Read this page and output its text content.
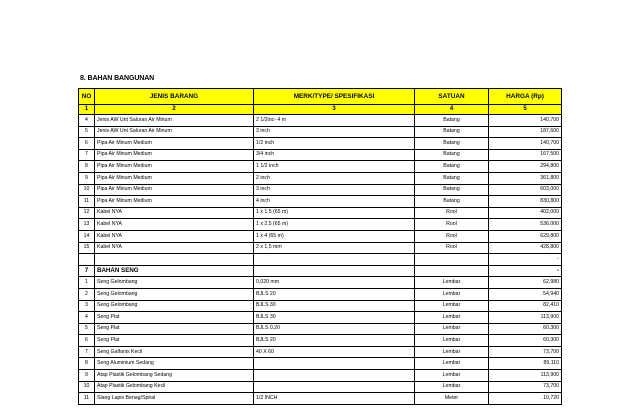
8. BAHAN BANGUNAN
NO	JENIS BARANG	MERK/TYPE/ SPESIFIKASI	SATUAN	HARGA (Rp)
1	2	3	4	5
4	Jenis AW Unt Saluran Air Minum	2 1/2inc- 4 m	Batang	140,700
5	Jenis AW Unt Saluran Air Minum	3 inch	Batang	187,600
6	Pipa Air Minum Medium	1/2 inch	Batang	140,700
7	Pipa Air Minum Medium	3/4 inch	Batang	167,500
8	Pipa Air Minum Medium	1 1/2 inch	Batang	294,800
9	Pipa Air Minum Medium	2 inch	Batang	361,800
10	Pipa Air Minum Medium	3 inch	Batang	603,000
11	Pipa Air Minum Medium	4 inch	Batang	830,800
12	Kabel NYA	1 x 1,5 (65 m)	Rool	402,000
13	Kabel NYA	1 x 2,5 (65 m)	Rool	536,000
14	Kabel NYA	1 x 4 (65 m)	Rool	629,800
15	Kabel NYA	2 x 1,5 mm	Rool	428,800
				-
7	BAHAN SENG			-
1	Seng Gelombang	0,020 mm	Lembar	62,980
2	Seng Gelombang	BJLS 20	Lembar	54,940
3	Seng Gelombang	BJLS 30	Lembar	82,410
4	Seng Plat	BJLS 30	Lembar	113,900
5	Seng Plat	BJLS 0.20	Lembar	60,300
6	Seng Plat	BJLS 20	Lembar	60,300
7	Seng Galfanis Kecil	40 X 60	Lembar	73,700
8	Seng Aluminium Sedang		Lembar	89,110
9	Atap Plastik Gelombang Sedang		Lembar	113,900
10	Atap Plastik Gelombang Kecil		Lembar	73,700
11	Slang Lapis Benag/Spiral	1/2 INCH	Meter	10,720
